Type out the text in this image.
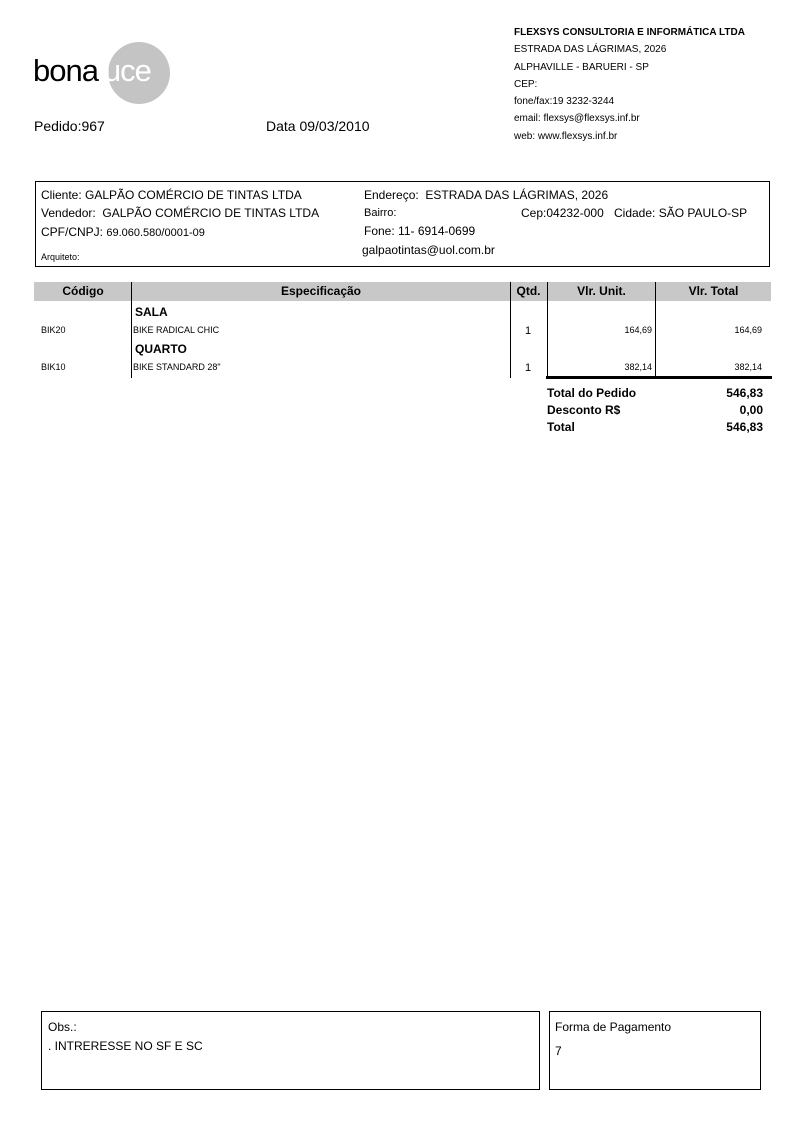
bonaluce
Pedido:967	Data 09/03/2010
FLEXSYS CONSULTORIA E INFORMÁTICA LTDA
ESTRADA DAS LÁGRIMAS, 2026
ALPHAVILLE - BARUERI - SP
CEP:
fone/fax:19 3232-3244
email: flexsys@flexsys.inf.br
web: www.flexsys.inf.br
Cliente: GALPÃO COMÉRCIO DE TINTAS LTDA
Vendedor: GALPÃO COMÉRCIO DE TINTAS LTDA
CPF/CNPJ: 69.060.580/0001-09
Arquiteto:
Endereço: ESTRADA DAS LÁGRIMAS, 2026
Bairro:	Cep:04232-000 Cidade: SÃO PAULO-SP
Fone: 11- 6914-0699
galpaotintas@uol.com.br
Código	Especificação	Qtd.	Vlr. Unit.	Vlr. Total
SALA
BIK20	BIKE RADICAL CHIC	1	164,69	164,69
QUARTO
BIK10	BIKE STANDARD 28"	1	382,14	382,14
Total do Pedido	546,83
Desconto R$	0,00
Total	546,83
Obs.:
. INTRERESSE NO SF E SC
Forma de Pagamento
7
